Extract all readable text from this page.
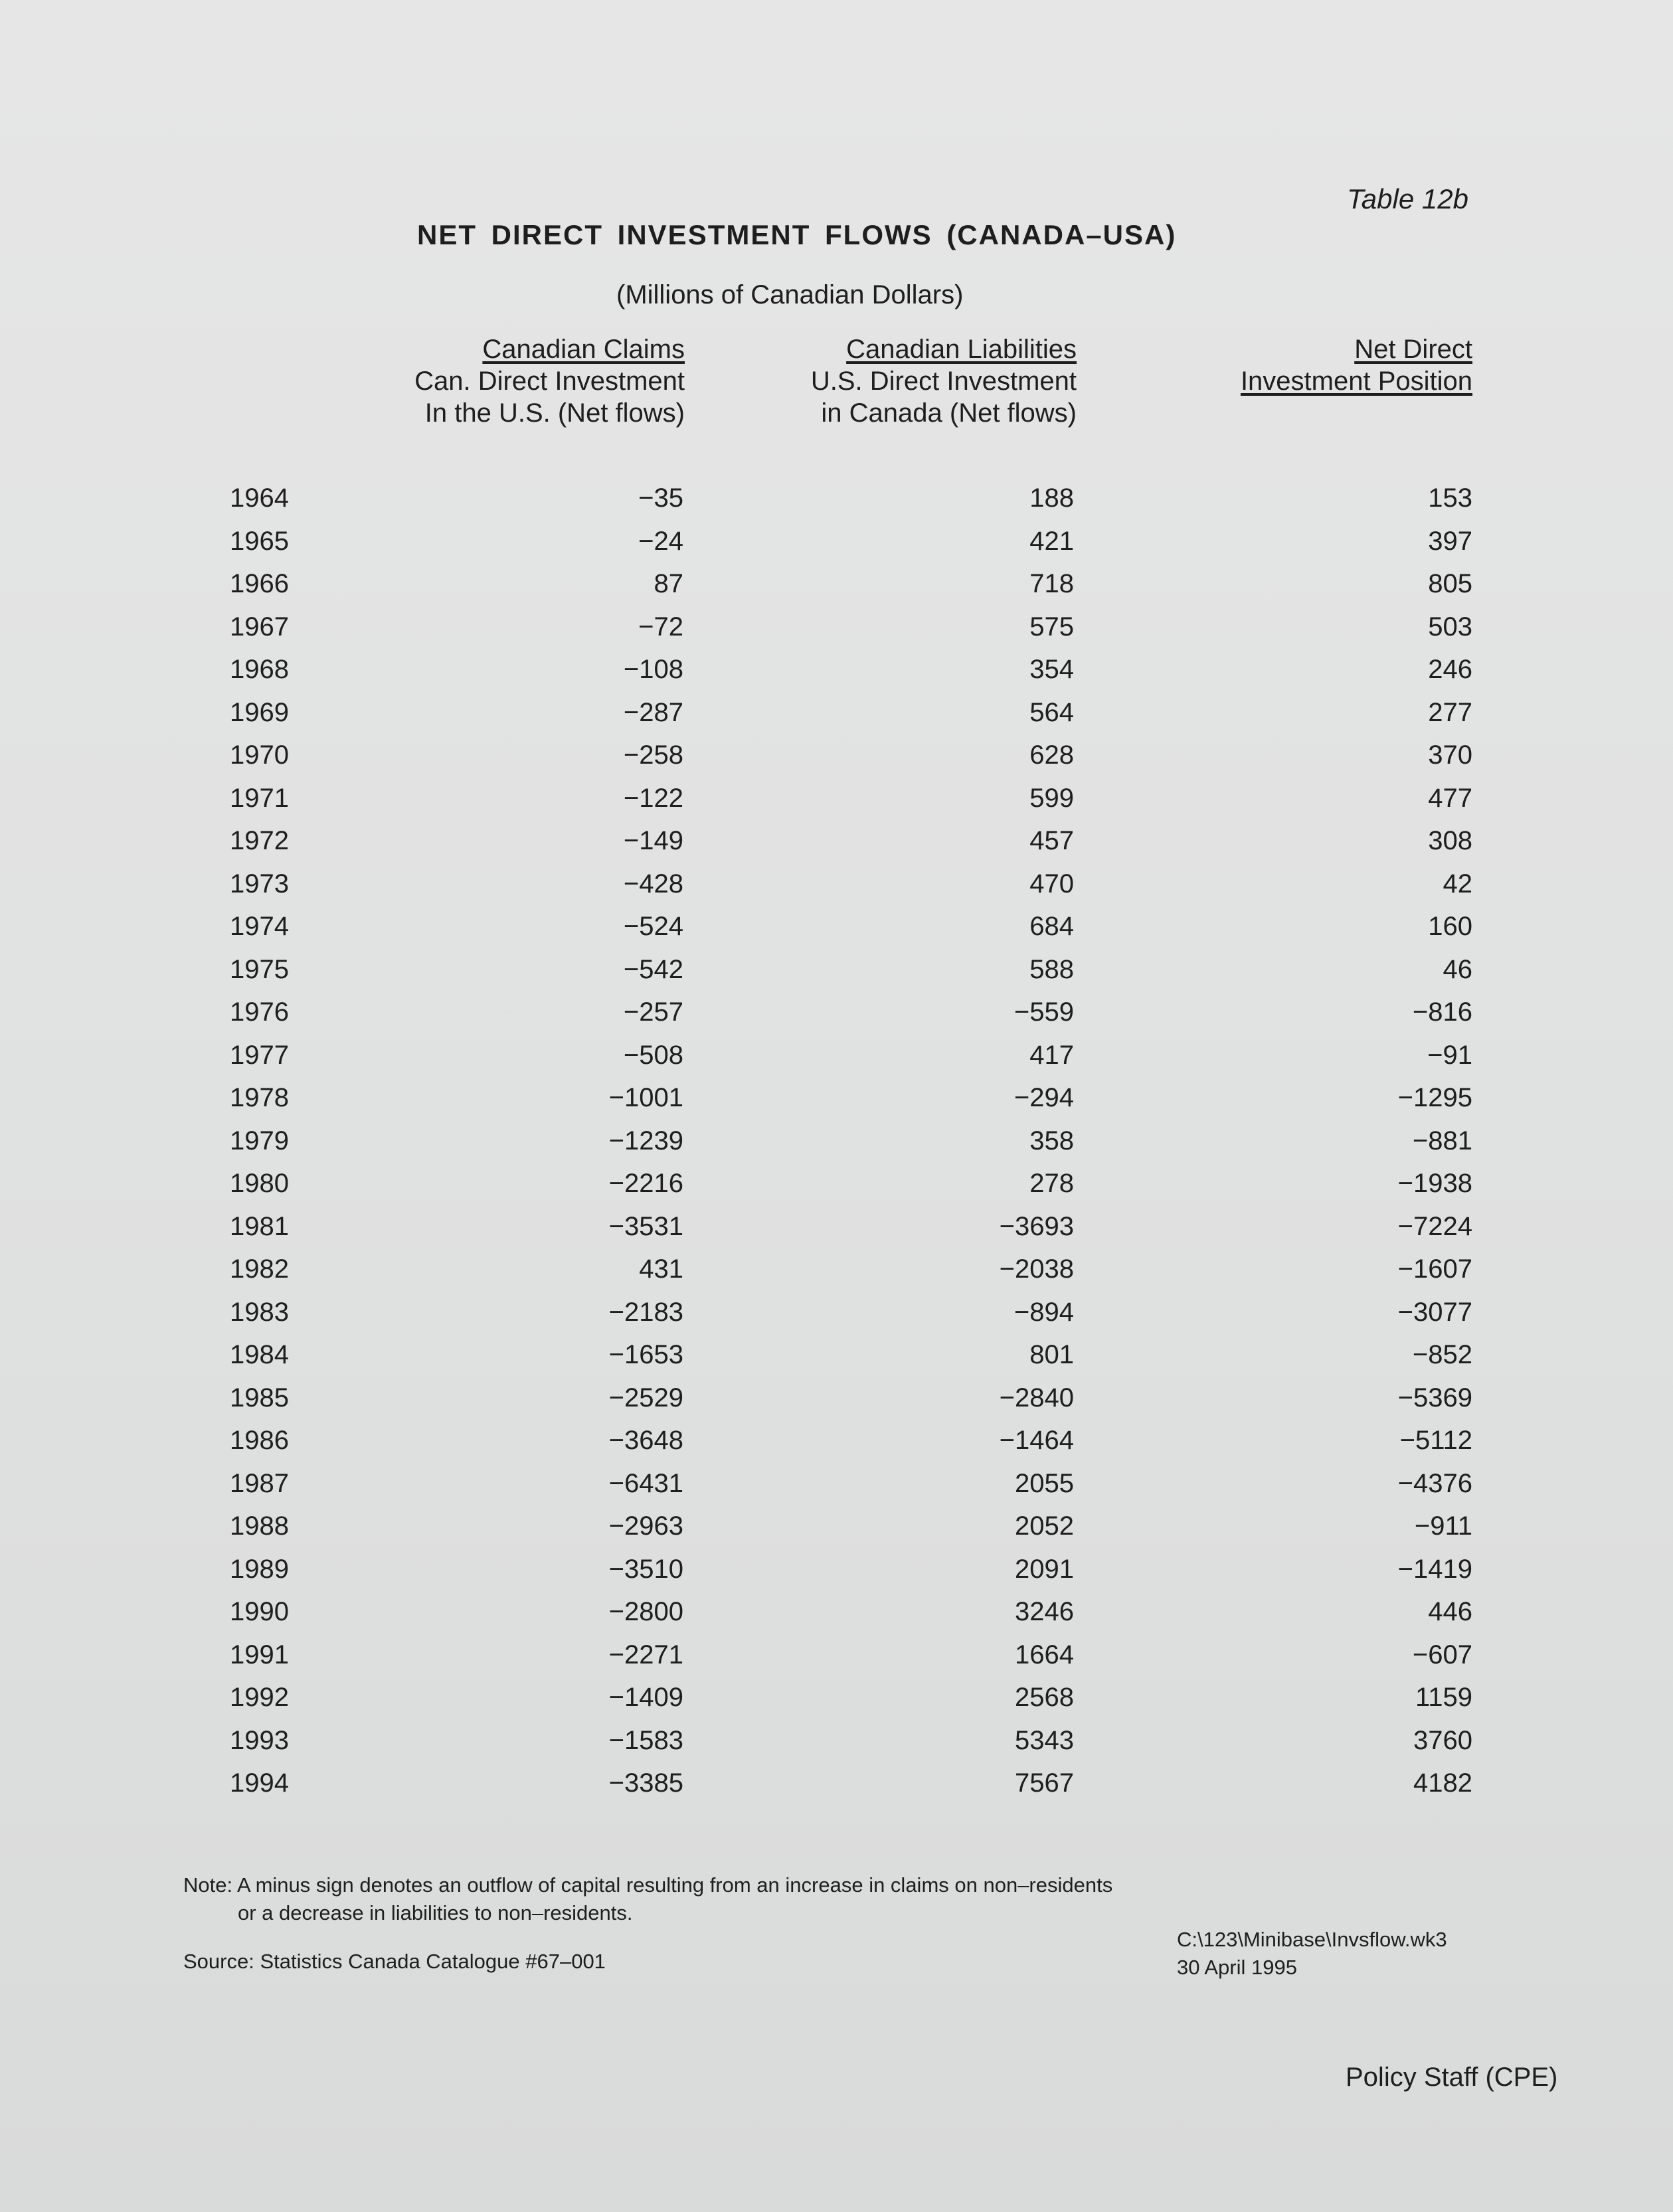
Table 12b
NET DIRECT INVESTMENT FLOWS (CANADA–USA)
(Millions of Canadian Dollars)
Canadian Claims
Can. Direct Investment
In the U.S. (Net flows)
Canadian Liabilities
U.S. Direct Investment
in Canada (Net flows)
Net Direct
Investment Position
1964	−35	188	153
1965	−24	421	397
1966	87	718	805
1967	−72	575	503
1968	−108	354	246
1969	−287	564	277
1970	−258	628	370
1971	−122	599	477
1972	−149	457	308
1973	−428	470	42
1974	−524	684	160
1975	−542	588	46
1976	−257	−559	−816
1977	−508	417	−91
1978	−1001	−294	−1295
1979	−1239	358	−881
1980	−2216	278	−1938
1981	−3531	−3693	−7224
1982	431	−2038	−1607
1983	−2183	−894	−3077
1984	−1653	801	−852
1985	−2529	−2840	−5369
1986	−3648	−1464	−5112
1987	−6431	2055	−4376
1988	−2963	2052	−911
1989	−3510	2091	−1419
1990	−2800	3246	446
1991	−2271	1664	−607
1992	−1409	2568	1159
1993	−1583	5343	3760
1994	−3385	7567	4182
Note: A minus sign denotes an outflow of capital resulting from an increase in claims on non–residents
or a decrease in liabilities to non–residents.
Source: Statistics Canada Catalogue #67–001
C:\123\Minibase\Invsflow.wk3
30 April 1995
Policy Staff (CPE)
